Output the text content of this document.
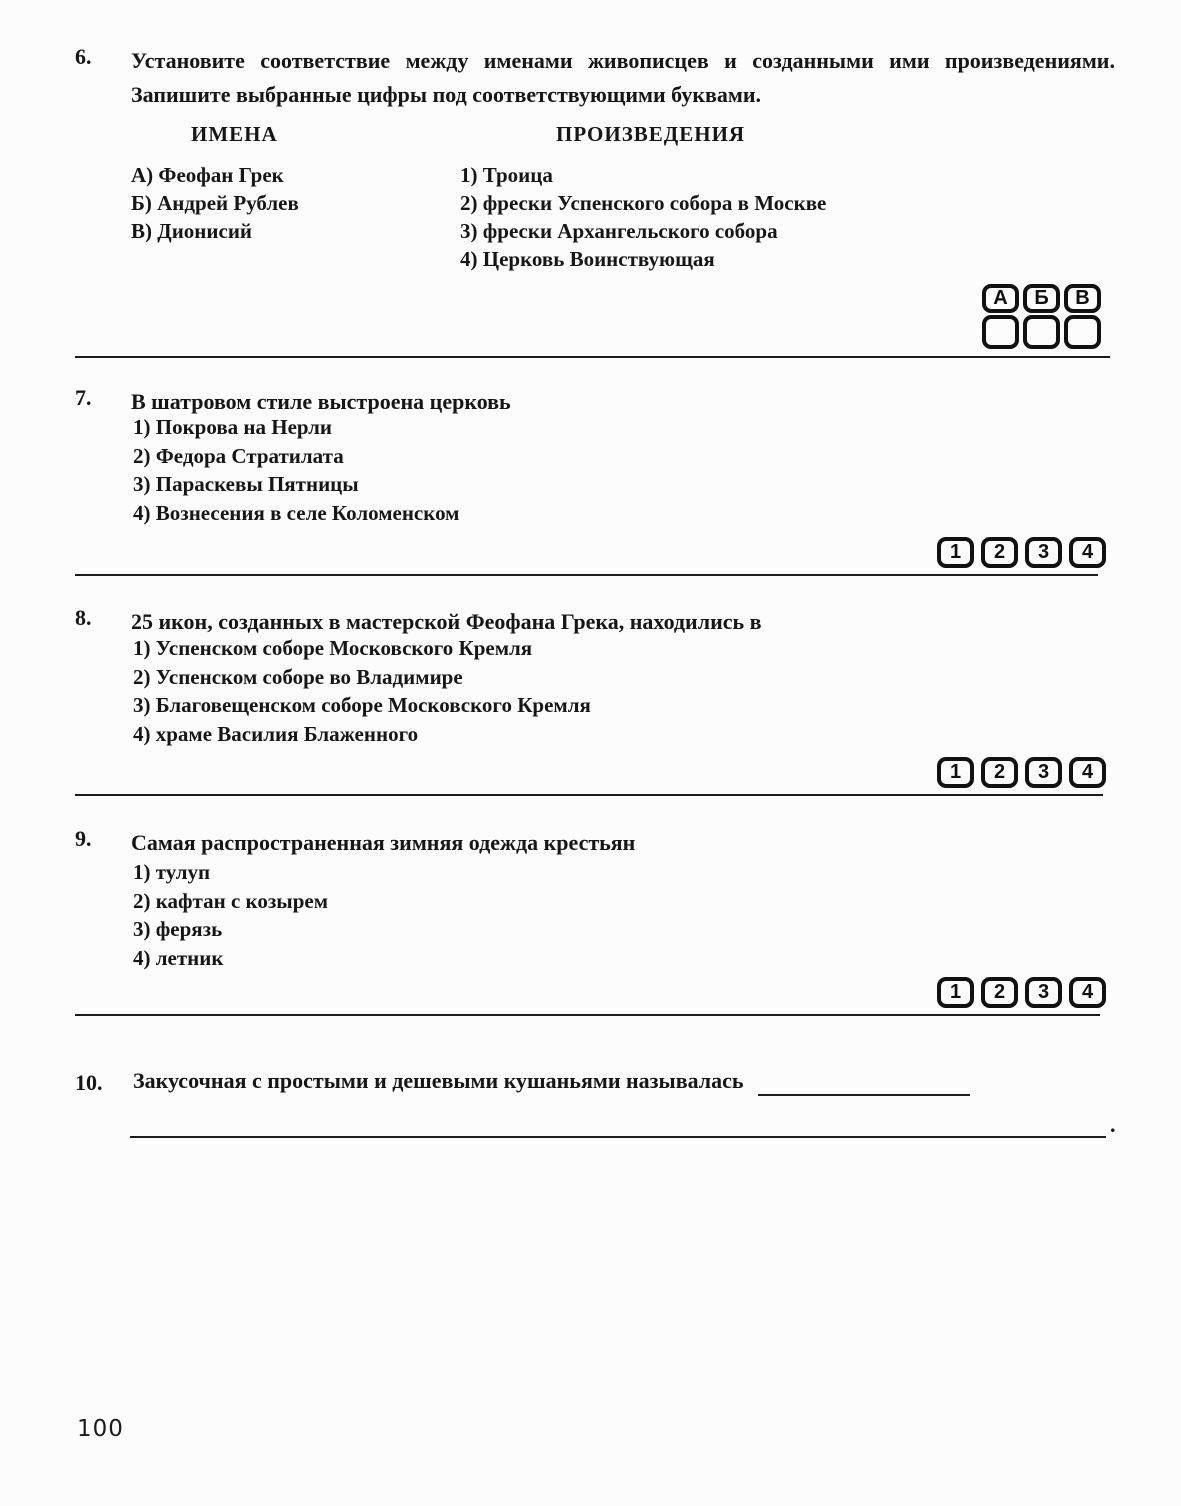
6.	Установите соответствие между именами живописцев и созданными ими произведениями. Запишите выбранные цифры под соответствующими буквами.
ИМЕНА
А) Феофан Грек
Б) Андрей Рублев
В) Дионисий
ПРОИЗВЕДЕНИЯ
1) Троица
2) фрески Успенского собора в Москве
3) фрески Архангельского собора
4) Церковь Воинствующая
А	Б	В
7.	В шатровом стиле выстроена церковь
1) Покрова на Нерли
2) Федора Стратилата
3) Параскевы Пятницы
4) Вознесения в селе Коломенском
1	2	3	4
8.	25 икон, созданных в мастерской Феофана Грека, находились в
1) Успенском соборе Московского Кремля
2) Успенском соборе во Владимире
3) Благовещенском соборе Московского Кремля
4) храме Василия Блаженного
1	2	3	4
9.	Самая распространенная зимняя одежда крестьян
1) тулуп
2) кафтан с козырем
3) ферязь
4) летник
1	2	3	4
10.	Закусочная с простыми и дешевыми кушаньями называлась
.
100
